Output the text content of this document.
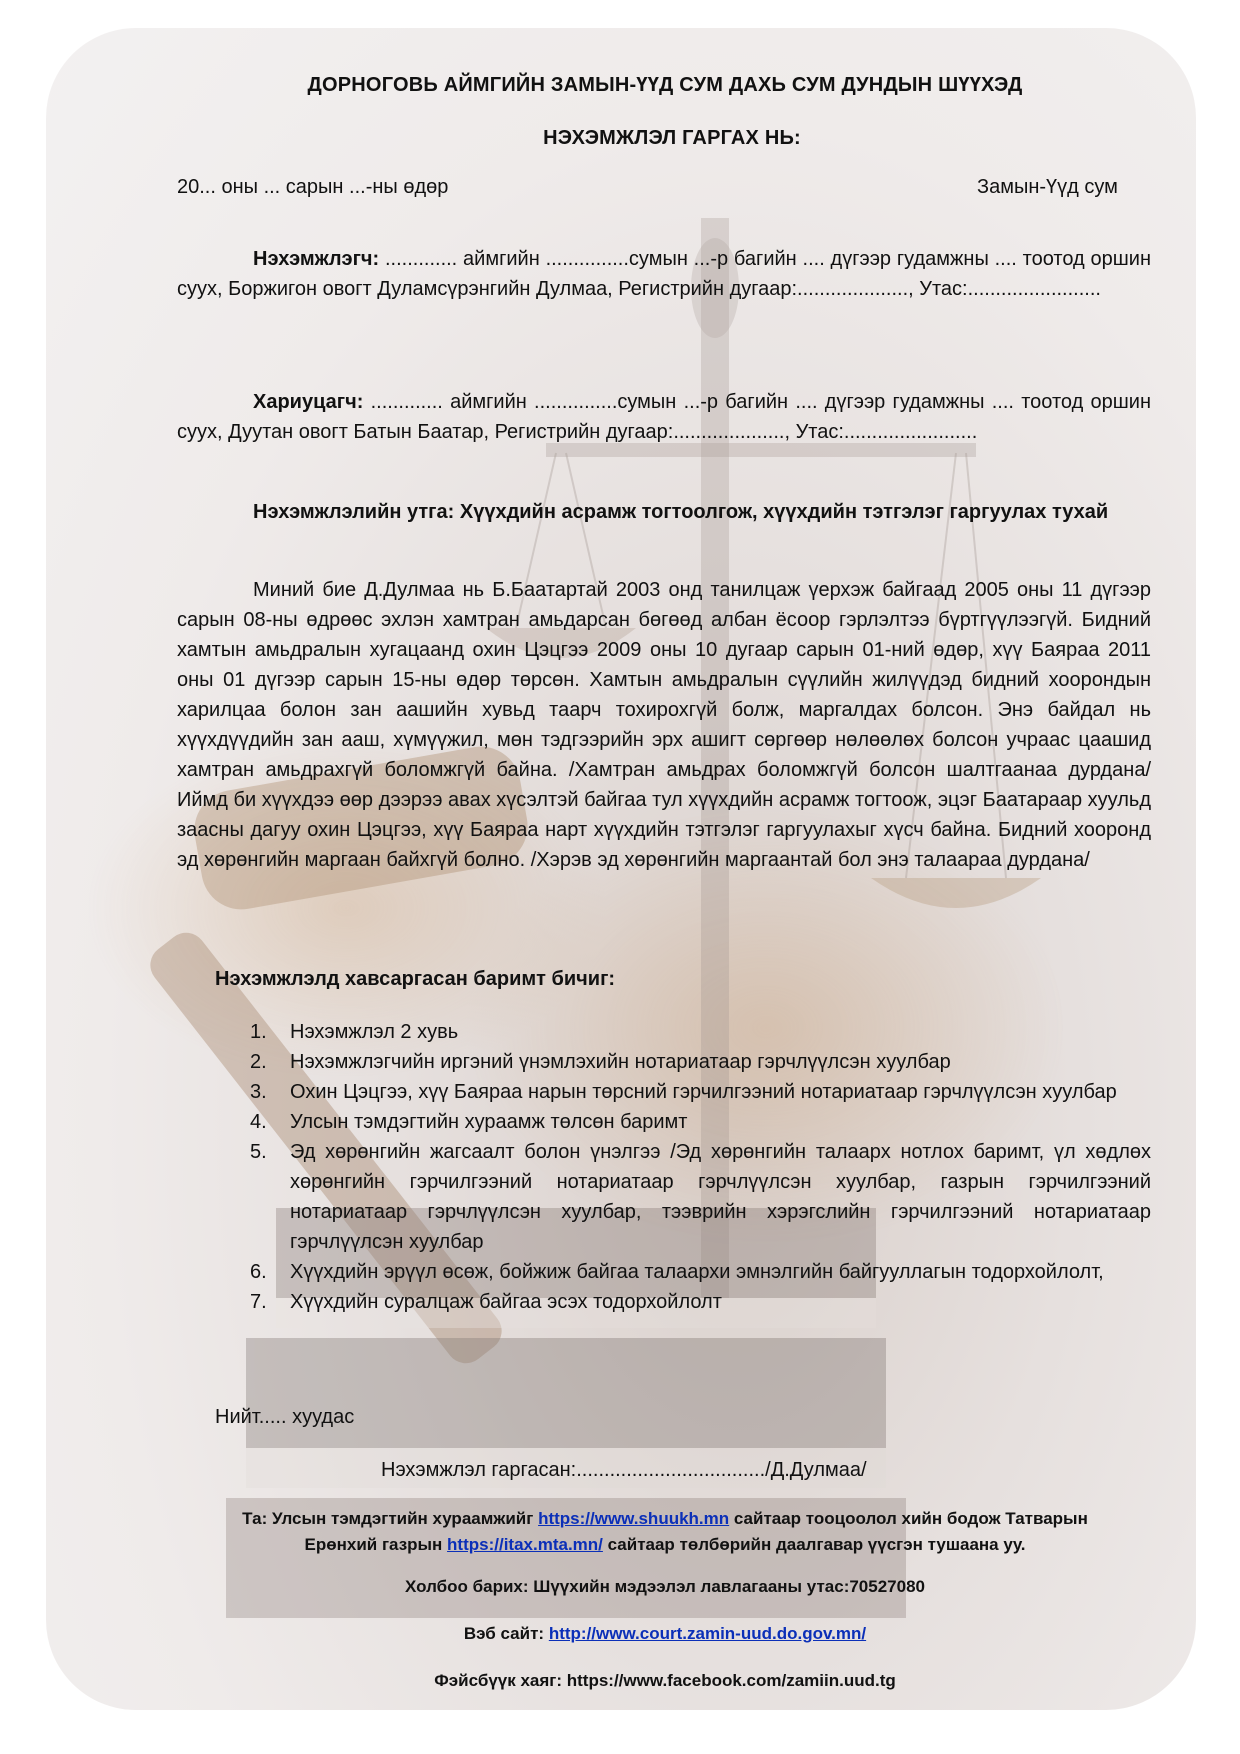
ДОРНОГОВЬ АЙМГИЙН ЗАМЫН-ҮҮД СУМ ДАХЬ СУМ ДУНДЫН ШҮҮХЭД
НЭХЭМЖЛЭЛ ГАРГАХ НЬ:
20... оны ... сарын ...-ны өдөр	Замын-Үүд сум
Нэхэмжлэгч: ............. аймгийн ...............сумын ...-р багийн .... дүгээр гудамжны .... тоотод оршин суух, Боржигон овогт Дуламсүрэнгийн Дулмаа, Регистрийн дугаар:...................., Утас:........................
Хариуцагч: ............. аймгийн ...............сумын ...-р багийн .... дүгээр гудамжны .... тоотод оршин суух, Дуутан овогт Батын Баатар, Регистрийн дугаар:...................., Утас:........................
Нэхэмжлэлийн утга: Хүүхдийн асрамж тогтоолгож, хүүхдийн тэтгэлэг гаргуулах тухай
Миний бие Д.Дулмаа нь Б.Баатартай 2003 онд танилцаж үерхэж байгаад 2005 оны 11 дүгээр сарын 08-ны өдрөөс эхлэн хамтран амьдарсан бөгөөд албан ёсоор гэрлэлтээ бүртгүүлээгүй. Бидний хамтын амьдралын хугацаанд охин Цэцгээ 2009 оны 10 дугаар сарын 01-ний өдөр, хүү Баяраа 2011 оны 01 дүгээр сарын 15-ны өдөр төрсөн. Хамтын амьдралын сүүлийн жилүүдэд бидний хоорондын харилцаа болон зан аашийн хувьд таарч тохирохгүй болж, маргалдах болсон. Энэ байдал нь хүүхдүүдийн зан ааш, хүмүүжил, мөн тэдгээрийн эрх ашигт сөргөөр нөлөөлөх болсон учраас цаашид хамтран амьдрахгүй боломжгүй байна. /Хамтран амьдрах боломжгүй болсон шалтгаанаа дурдана/ Иймд би хүүхдээ өөр дээрээ авах хүсэлтэй байгаа тул хүүхдийн асрамж тогтоож, эцэг Баатараар хуульд заасны дагуу охин Цэцгээ, хүү Баяраа нарт хүүхдийн тэтгэлэг гаргуулахыг хүсч байна. Бидний хооронд эд хөрөнгийн маргаан байхгүй болно. /Хэрэв эд хөрөнгийн маргаантай бол энэ талаараа дурдана/
Нэхэмжлэлд хавсаргасан баримт бичиг:
1. Нэхэмжлэл 2 хувь
2. Нэхэмжлэгчийн иргэний үнэмлэхийн нотариатаар гэрчлүүлсэн хуулбар
3. Охин Цэцгээ, хүү Баяраа нарын төрсний гэрчилгээний нотариатаар гэрчлүүлсэн хуулбар
4. Улсын тэмдэгтийн хураамж төлсөн баримт
5. Эд хөрөнгийн жагсаалт болон үнэлгээ /Эд хөрөнгийн талаарх нотлох баримт, үл хөдлөх хөрөнгийн гэрчилгээний нотариатаар гэрчлүүлсэн хуулбар, газрын гэрчилгээний нотариатаар гэрчлүүлсэн хуулбар, тээврийн хэрэгслийн гэрчилгээний нотариатаар гэрчлүүлсэн хуулбар
6. Хүүхдийн эрүүл өсөж, бойжиж байгаа талаархи эмнэлгийн байгууллагын тодорхойлолт,
7. Хүүхдийн суралцаж байгаа эсэх тодорхойлолт
Нийт..... хуудас
Нэхэмжлэл гаргасан:................................../Д.Дулмаа/
Та: Улсын тэмдэгтийн хураамжийг https://www.shuukh.mn сайтаар тооцоолол хийн бодож Татварын
Ерөнхий газрын https://itax.mta.mn/ сайтаар төлбөрийн даалгавар үүсгэн тушаана уу.
Холбоо барих: Шүүхийн мэдээлэл лавлагааны утас:70527080
Вэб сайт: http://www.court.zamin-uud.do.gov.mn/
Фэйсбүүк хаяг: https://www.facebook.com/zamiin.uud.tg
